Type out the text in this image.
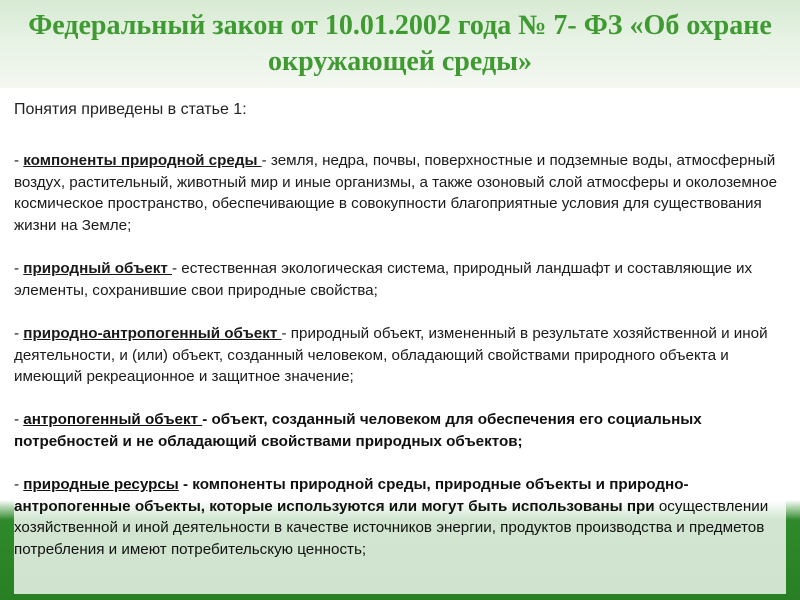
Федеральный закон от 10.01.2002 года № 7- ФЗ «Об охране окружающей среды»

Понятия приведены в статье 1:

- компоненты природной среды - земля, недра, почвы, поверхностные и подземные воды, атмосферный воздух, растительный, животный мир и иные организмы, а также озоновый слой атмосферы и околоземное космическое пространство, обеспечивающие в совокупности благоприятные условия для существования жизни на Земле;

- природный объект - естественная экологическая система, природный ландшафт и составляющие их элементы, сохранившие свои природные свойства;

- природно-антропогенный объект - природный объект, измененный в результате хозяйственной и иной деятельности, и (или) объект, созданный человеком, обладающий свойствами природного объекта и имеющий рекреационное и защитное значение;

- антропогенный объект - объект, созданный человеком для обеспечения его социальных потребностей и не обладающий свойствами природных объектов;

- природные ресурсы - компоненты природной среды, природные объекты и природно-антропогенные объекты, которые используются или могут быть использованы при осуществлении хозяйственной и иной деятельности в качестве источников энергии, продуктов производства и предметов потребления и имеют потребительскую ценность;
